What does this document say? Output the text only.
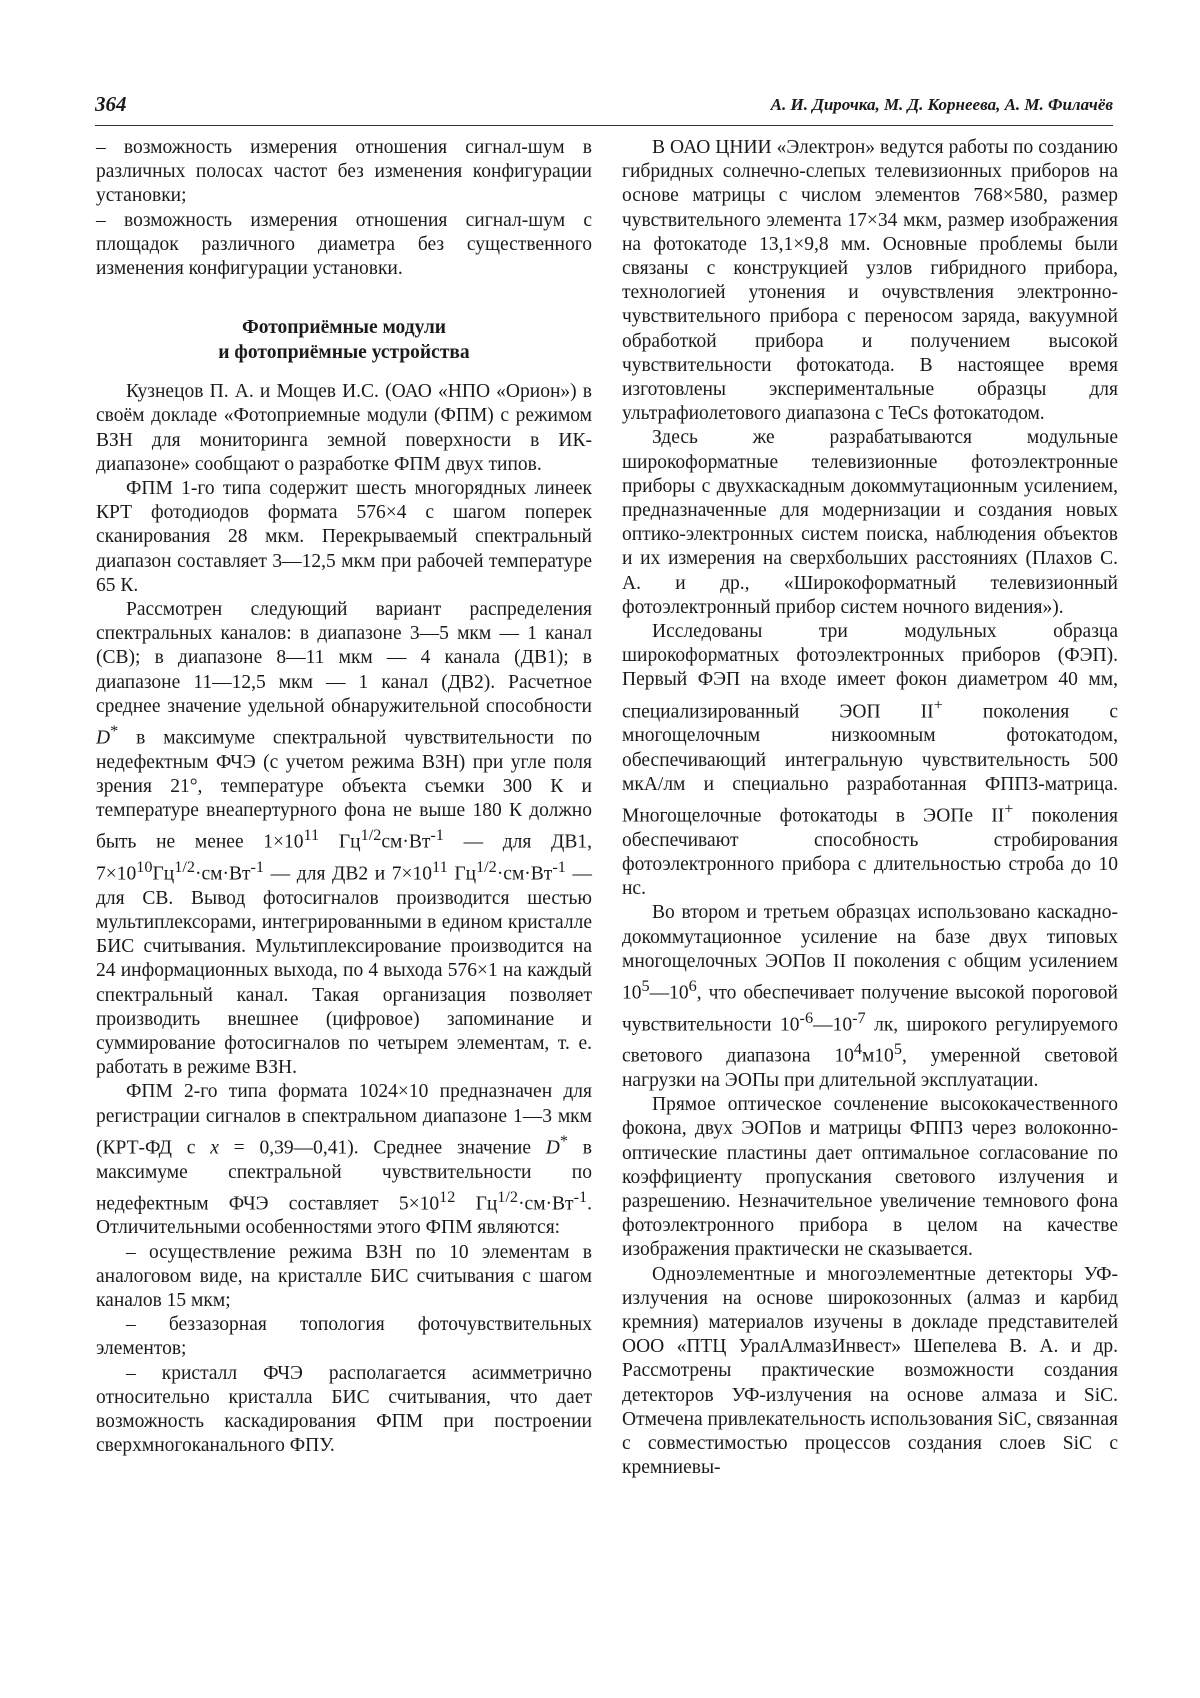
364	А. И. Дирочка, М. Д. Корнеева, А. М. Филачёв

– возможность измерения отношения сигнал-шум в различных полосах частот без изменения конфигурации установки;

– возможность измерения отношения сигнал-шум с площадок различного диаметра без существенного изменения конфигурации установки.

Фотоприёмные модули
и фотоприёмные устройства

Кузнецов П. А. и Мощев И.С. (ОАО «НПО «Орион») в своём докладе «Фотоприемные модули (ФПМ) с режимом ВЗН для мониторинга земной поверхности в ИК-диапазоне» сообщают о разработке ФПМ двух типов.

ФПМ 1-го типа содержит шесть многорядных линеек КРТ фотодиодов формата 576×4 с шагом поперек сканирования 28 мкм. Перекрываемый спектральный диапазон составляет 3—12,5 мкм при рабочей температуре 65 К.

Рассмотрен следующий вариант распределения спектральных каналов: в диапазоне 3—5 мкм — 1 канал (СВ); в диапазоне 8—11 мкм — 4 канала (ДВ1); в диапазоне 11—12,5 мкм — 1 канал (ДВ2). Расчетное среднее значение удельной обнаружительной способности D* в максимуме спектральной чувствительности по недефектным ФЧЭ (с учетом режима ВЗН) при угле поля зрения 21°, температуре объекта съемки 300 К и температуре внеапертурного фона не выше 180 К должно быть не менее $1\times 10^{11}$ $Гц^{1/2}см\cdot Вт^{-1}$ — для ДВ1, $7\times 10^{10}Гц^{1/2}\cdot см\cdot Вт^{-1}$ — для ДВ2 и $7\times 10^{11}$ $Гц^{1/2}\cdot см\cdot Вт^{-1}$ — для СВ. Вывод фотосигналов производится шестью мультиплексорами, интегрированными в едином кристалле БИС считывания. Мультиплексирование производится на 24 информационных выхода, по 4 выхода 576×1 на каждый спектральный канал. Такая организация позволяет производить внешнее (цифровое) запоминание и суммирование фотосигналов по четырем элементам, т. е. работать в режиме ВЗН.

ФПМ 2-го типа формата 1024×10 предназначен для регистрации сигналов в спектральном диапазоне 1—3 мкм (КРТ-ФД с x = 0,39—0,41). Среднее значение D* в максимуме спектральной чувствительности по недефектным ФЧЭ составляет $5\times 10^{12}$ $Гц^{1/2}\cdot см\cdot Вт^{-1}$. Отличительными особенностями этого ФПМ являются:

– осуществление режима ВЗН по 10 элементам в аналоговом виде, на кристалле БИС считывания с шагом каналов 15 мкм;

– беззазорная топология фоточувствительных элементов;

– кристалл ФЧЭ располагается асимметрично относительно кристалла БИС считывания, что дает возможность каскадирования ФПМ при построении сверхмногоканального ФПУ.

В ОАО ЦНИИ «Электрон» ведутся работы по созданию гибридных солнечно-слепых телевизионных приборов на основе матрицы с числом элементов 768×580, размер чувствительного элемента 17×34 мкм, размер изображения на фотокатоде 13,1×9,8 мм. Основные проблемы были связаны с конструкцией узлов гибридного прибора, технологией утонения и очувствления электронно-чувствительного прибора с переносом заряда, вакуумной обработкой прибора и получением высокой чувствительности фотокатода. В настоящее время изготовлены экспериментальные образцы для ультрафиолетового диапазона с TeCs фотокатодом.

Здесь же разрабатываются модульные широкоформатные телевизионные фотоэлектронные приборы с двухкаскадным докоммутационным усилением, предназначенные для модернизации и создания новых оптико-электронных систем поиска, наблюдения объектов и их измерения на сверхбольших расстояниях (Плахов С. А. и др., «Широкоформатный телевизионный фотоэлектронный прибор систем ночного видения»).

Исследованы три модульных образца широкоформатных фотоэлектронных приборов (ФЭП). Первый ФЭП на входе имеет фокон диаметром 40 мм, специализированный ЭОП II+ поколения с многощелочным низкоомным фотокатодом, обеспечивающий интегральную чувствительность 500 мкА/лм и специально разработанная ФППЗ-матрица. Многощелочные фотокатоды в ЭОПе II+ поколения обеспечивают способность стробирования фотоэлектронного прибора с длительностью строба до 10 нс.

Во втором и третьем образцах использовано каскадно-докоммутационное усиление на базе двух типовых многощелочных ЭОПов II поколения с общим усилением $10^5—10^6$, что обеспечивает получение высокой пороговой чувствительности $10^{-6}—10^{-7}$ лк, широкого регулируемого светового диапазона $10^4м10^5$, умеренной световой нагрузки на ЭОПы при длительной эксплуатации.

Прямое оптическое сочленение высококачественного фокона, двух ЭОПов и матрицы ФППЗ через волоконно-оптические пластины дает оптимальное согласование по коэффициенту пропускания светового излучения и разрешению. Незначительное увеличение темнового фона фотоэлектронного прибора в целом на качестве изображения практически не сказывается.

Одноэлементные и многоэлементные детекторы УФ-излучения на основе широкозонных (алмаз и карбид кремния) материалов изучены в докладе представителей ООО «ПТЦ УралАлмазИнвест» Шепелева В. А. и др. Рассмотрены практические возможности создания детекторов УФ-излучения на основе алмаза и SiC. Отмечена привлекательность использования SiC, связанная с совместимостью процессов создания слоев SiC с кремниевы-
